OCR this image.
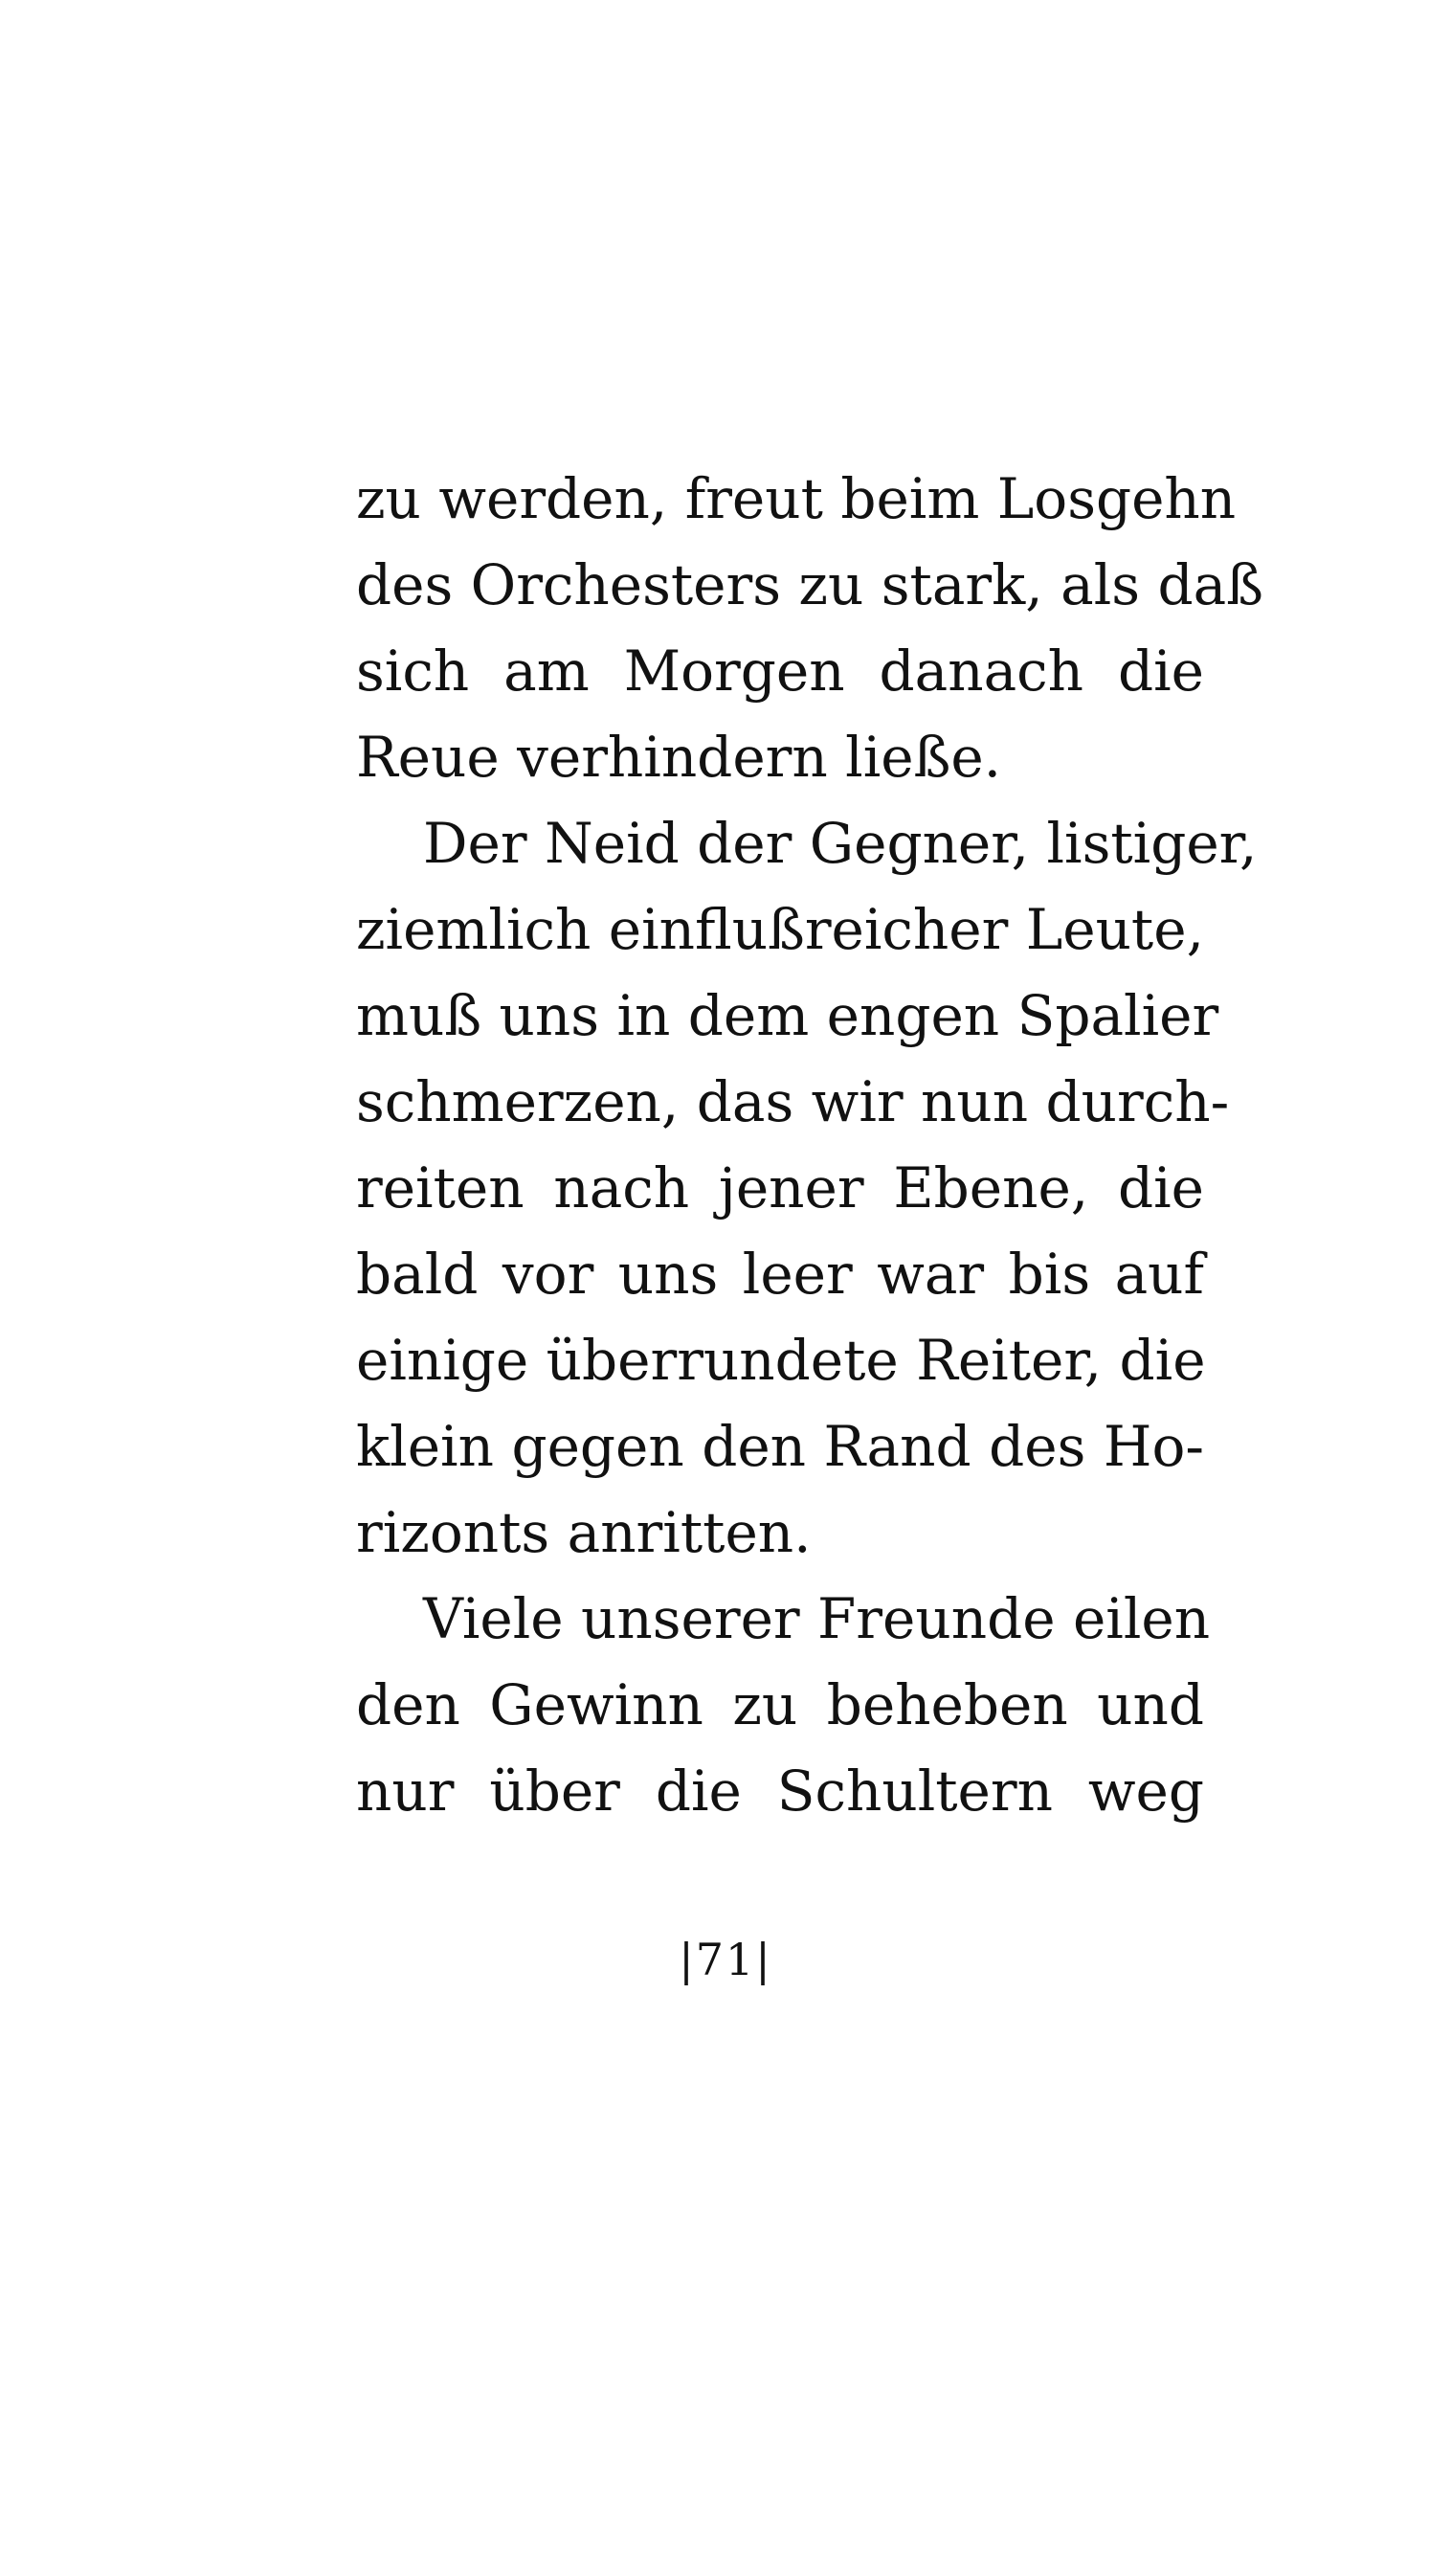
zu werden, freut beim Losgehn
des Orchesters zu stark, als daß
sich am Morgen danach die
Reue verhindern ließe.
Der Neid der Gegner, listiger,
ziemlich einflußreicher Leute,
muß uns in dem engen Spalier
schmerzen, das wir nun durch-
reiten nach jener Ebene, die
bald vor uns leer war bis auf
einige überrundete Reiter, die
klein gegen den Rand des Ho-
rizonts anritten.
Viele unserer Freunde eilen
den Gewinn zu beheben und
nur über die Schultern weg
|71|
